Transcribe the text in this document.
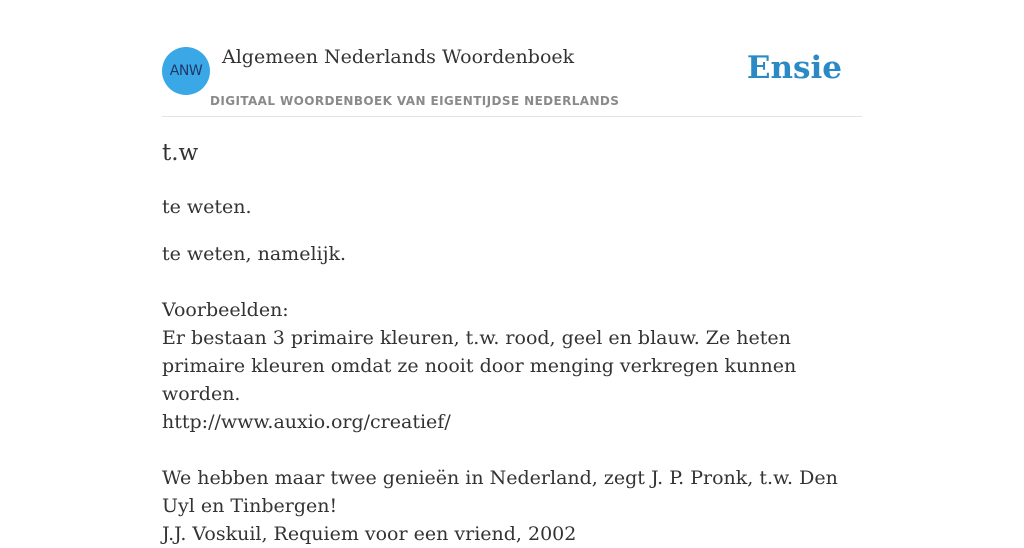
ANW
Algemeen Nederlands Woordenboek
DIGITAAL WOORDENBOEK VAN EIGENTIJDSE NEDERLANDS
Ensie
t.w

te weten.

te weten, namelijk.

Voorbeelden:

Er bestaan 3 primaire kleuren, t.w. rood, geel en blauw. Ze heten primaire kleuren omdat ze nooit door menging verkregen kunnen worden.

http://www.auxio.org/creatief/

We hebben maar twee genieën in Nederland, zegt J. P. Pronk, t.w. Den Uyl en Tinbergen!

J.J. Voskuil, Requiem voor een vriend, 2002
